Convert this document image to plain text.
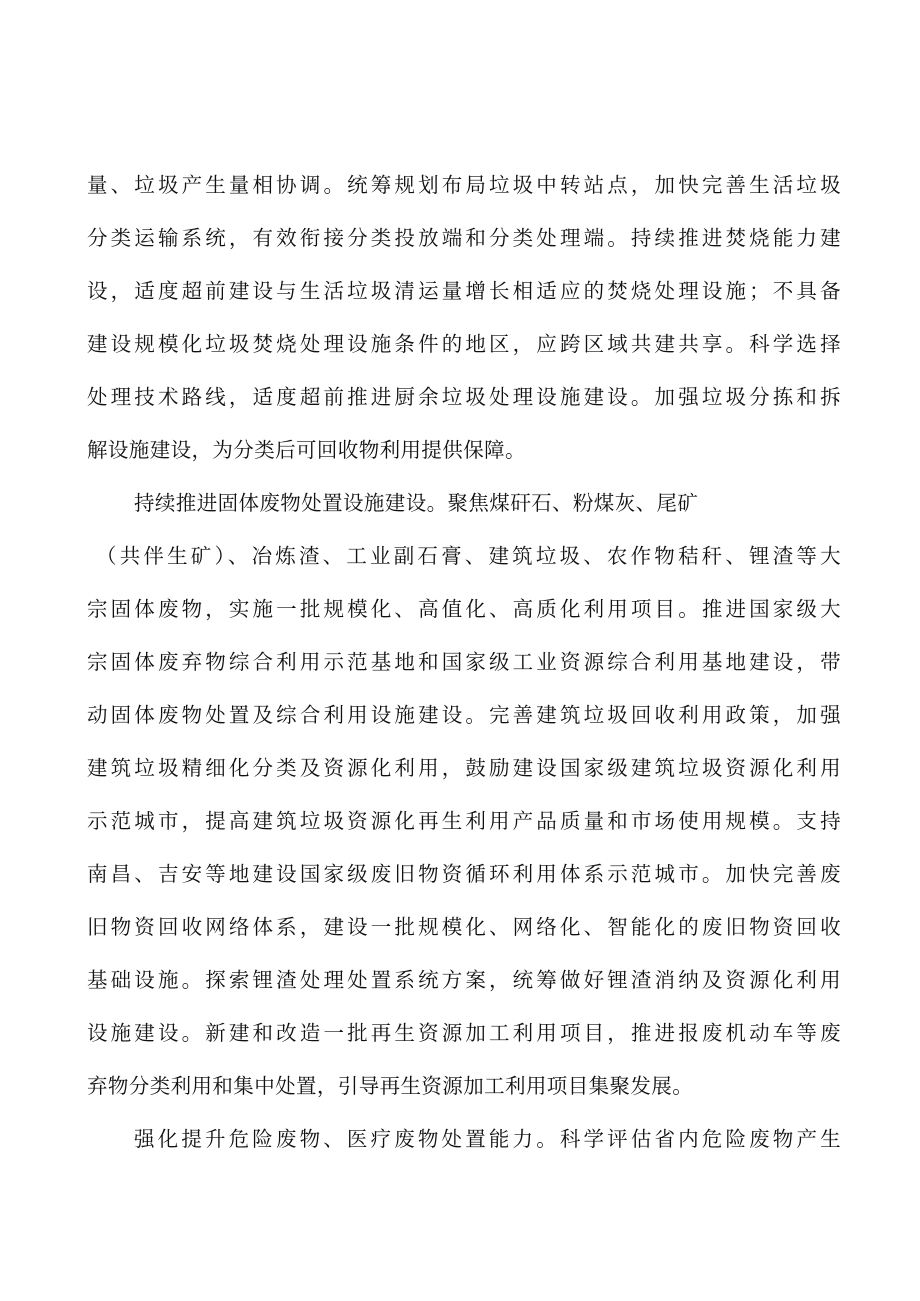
量、垃圾产生量相协调。统筹规划布局垃圾中转站点，加快完善生活垃圾
分类运输系统，有效衔接分类投放端和分类处理端。持续推进焚烧能力建
设，适度超前建设与生活垃圾清运量增长相适应的焚烧处理设施；不具备
建设规模化垃圾焚烧处理设施条件的地区，应跨区域共建共享。科学选择
处理技术路线，适度超前推进厨余垃圾处理设施建设。加强垃圾分拣和拆
解设施建设，为分类后可回收物利用提供保障。
持续推进固体废物处置设施建设。聚焦煤矸石、粉煤灰、尾矿
（共伴生矿）、冶炼渣、工业副石膏、建筑垃圾、农作物秸秆、锂渣等大
宗固体废物，实施一批规模化、高值化、高质化利用项目。推进国家级大
宗固体废弃物综合利用示范基地和国家级工业资源综合利用基地建设，带
动固体废物处置及综合利用设施建设。完善建筑垃圾回收利用政策，加强
建筑垃圾精细化分类及资源化利用，鼓励建设国家级建筑垃圾资源化利用
示范城市，提高建筑垃圾资源化再生利用产品质量和市场使用规模。支持
南昌、吉安等地建设国家级废旧物资循环利用体系示范城市。加快完善废
旧物资回收网络体系，建设一批规模化、网络化、智能化的废旧物资回收
基础设施。探索锂渣处理处置系统方案，统筹做好锂渣消纳及资源化利用
设施建设。新建和改造一批再生资源加工利用项目，推进报废机动车等废
弃物分类利用和集中处置，引导再生资源加工利用项目集聚发展。
强化提升危险废物、医疗废物处置能力。科学评估省内危险废物产生
